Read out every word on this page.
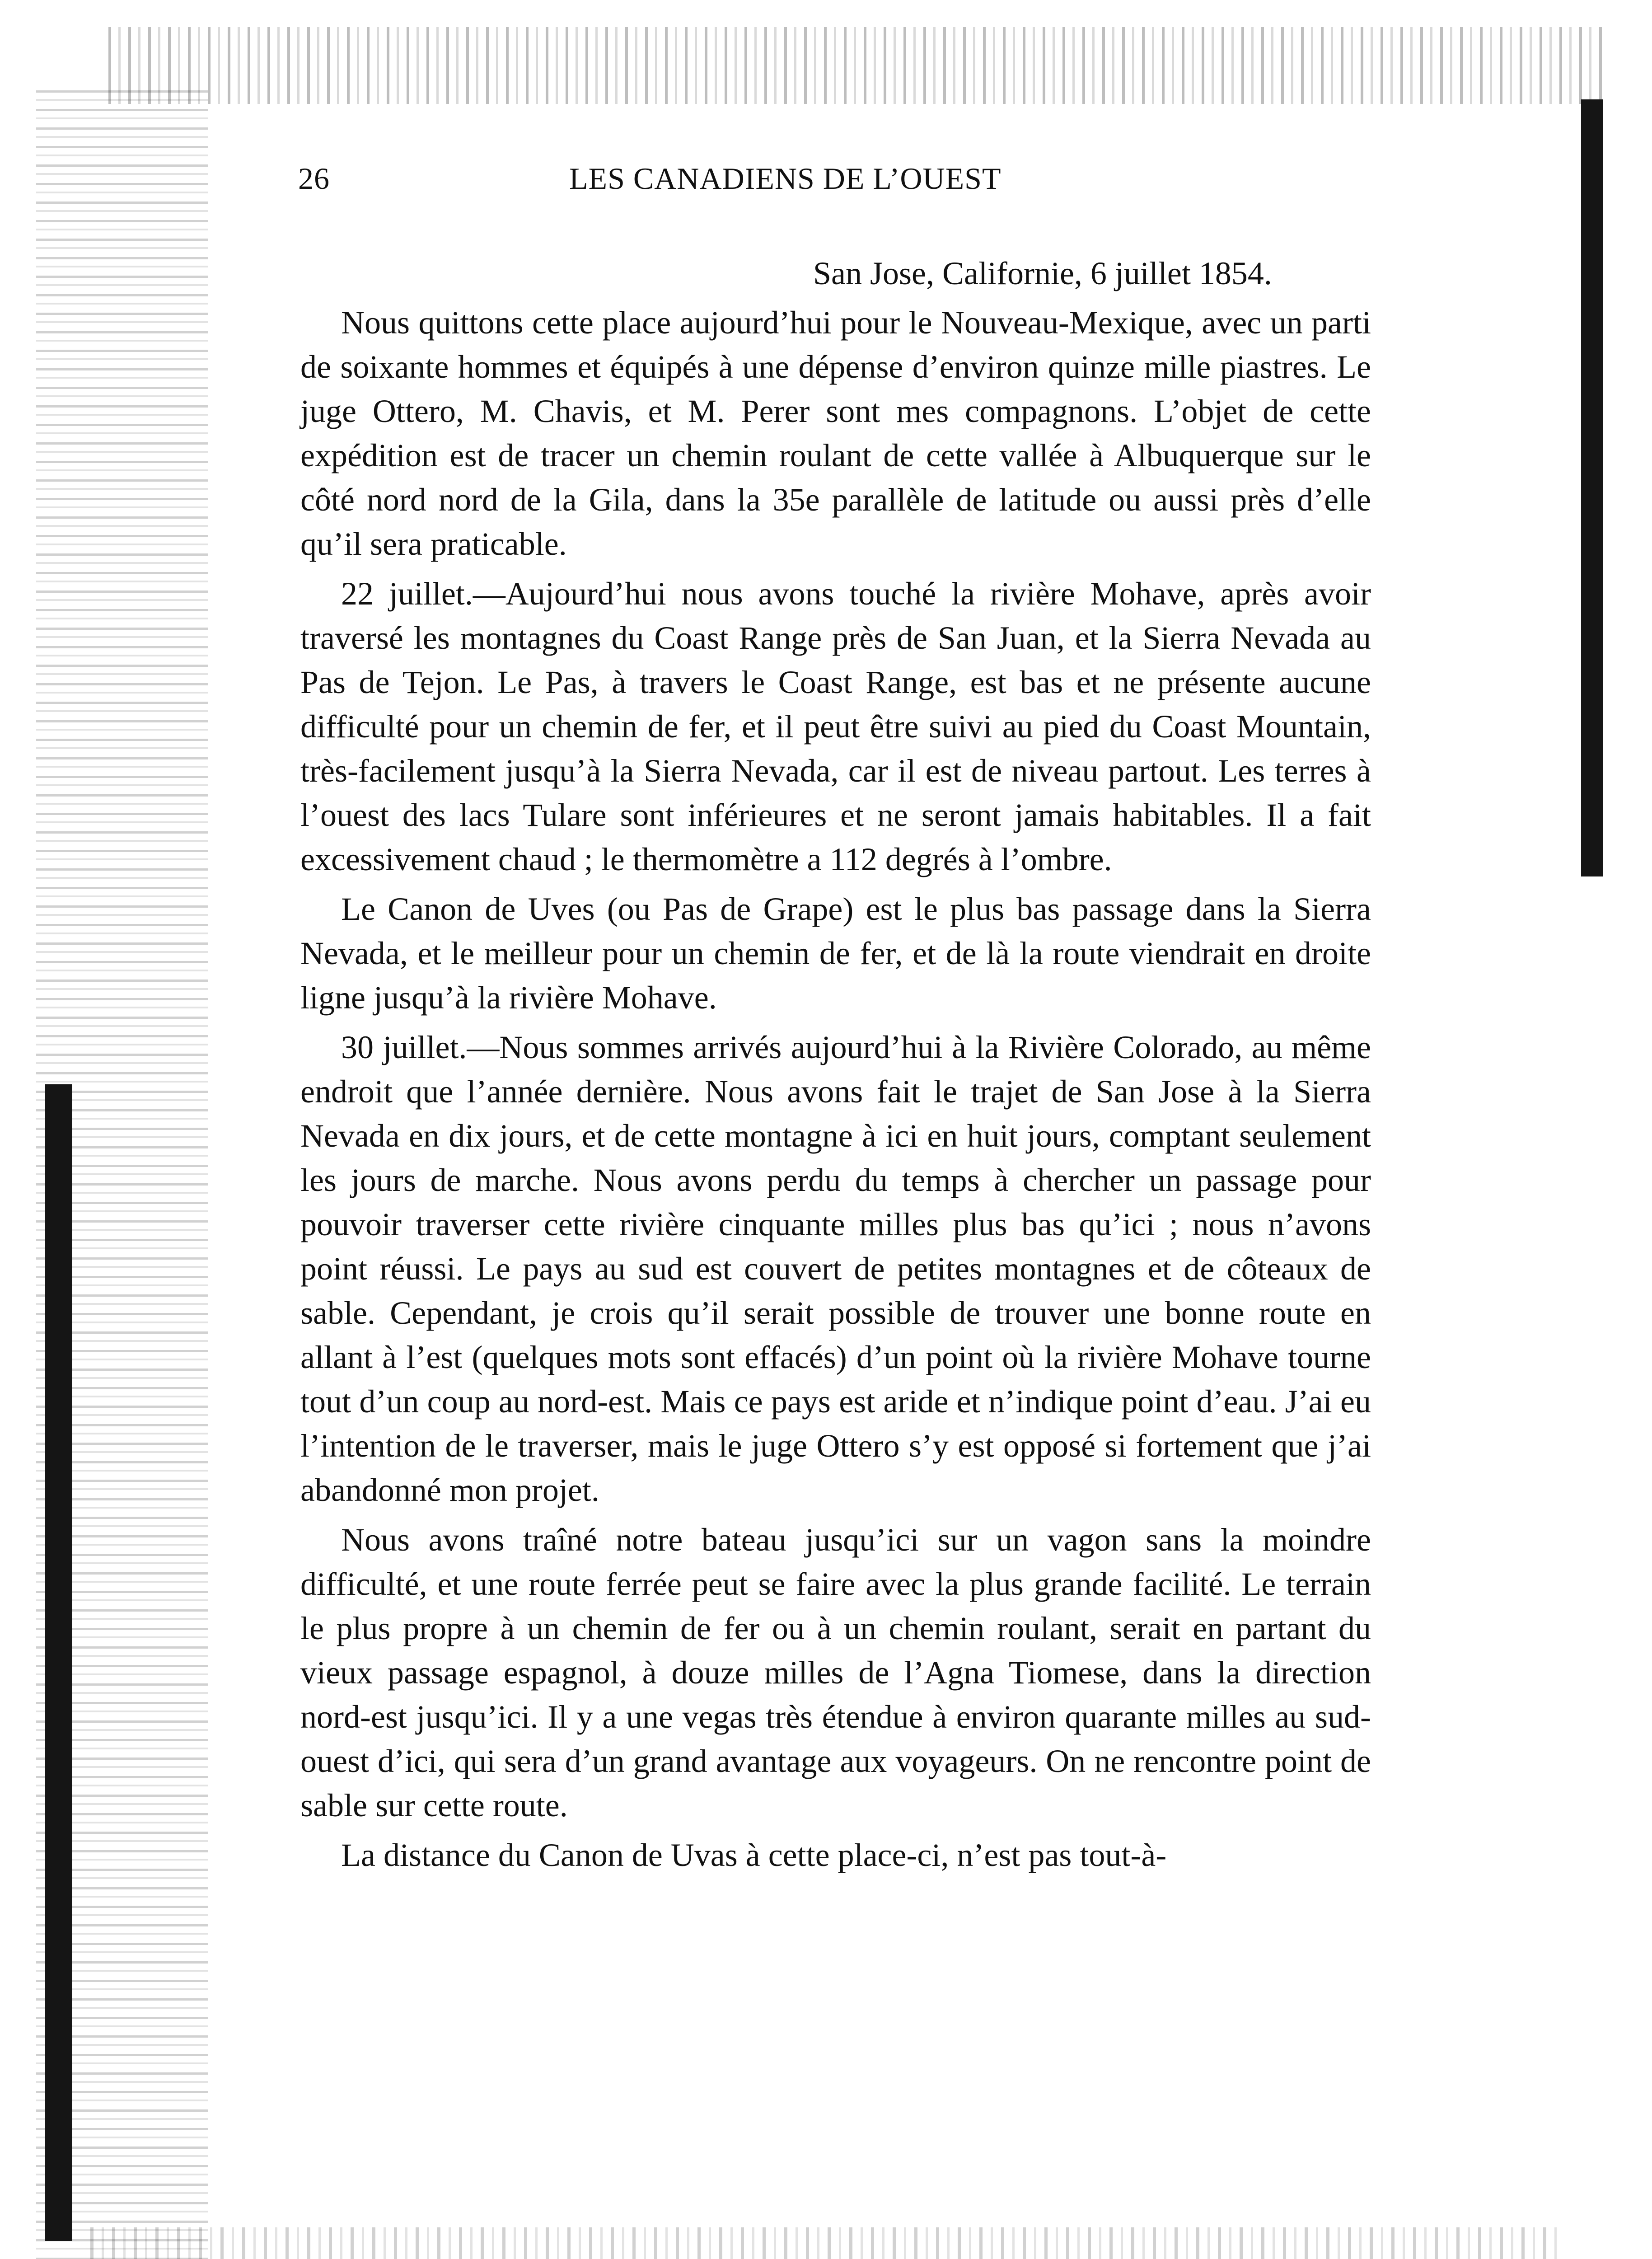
26	LES CANADIENS DE L’OUEST
San Jose, Californie, 6 juillet 1854.

Nous quittons cette place aujourd’hui pour le Nouveau-Mexique, avec un parti de soixante hommes et équipés à une dépense d’environ quinze mille piastres. Le juge Ottero, M. Chavis, et M. Perer sont mes compagnons. L’objet de cette expédition est de tracer un chemin roulant de cette vallée à Albuquerque sur le côté nord nord de la Gila, dans la 35e parallèle de latitude ou aussi près d’elle qu’il sera praticable.

22 juillet.—Aujourd’hui nous avons touché la rivière Mohave, après avoir traversé les montagnes du Coast Range près de San Juan, et la Sierra Nevada au Pas de Tejon. Le Pas, à travers le Coast Range, est bas et ne présente aucune difficulté pour un chemin de fer, et il peut être suivi au pied du Coast Mountain, très-facilement jusqu’à la Sierra Nevada, car il est de niveau partout. Les terres à l’ouest des lacs Tulare sont inférieures et ne seront jamais habitables. Il a fait excessivement chaud ; le thermomètre a 112 degrés à l’ombre.

Le Canon de Uves (ou Pas de Grape) est le plus bas passage dans la Sierra Nevada, et le meilleur pour un chemin de fer, et de là la route viendrait en droite ligne jusqu’à la rivière Mohave.

30 juillet.—Nous sommes arrivés aujourd’hui à la Rivière Colorado, au même endroit que l’année dernière. Nous avons fait le trajet de San Jose à la Sierra Nevada en dix jours, et de cette montagne à ici en huit jours, comptant seulement les jours de marche. Nous avons perdu du temps à chercher un passage pour pouvoir traverser cette rivière cinquante milles plus bas qu’ici ; nous n’avons point réussi. Le pays au sud est couvert de petites montagnes et de côteaux de sable. Cependant, je crois qu’il serait possible de trouver une bonne route en allant à l’est (quelques mots sont effacés) d’un point où la rivière Mohave tourne tout d’un coup au nord-est. Mais ce pays est aride et n’indique point d’eau. J’ai eu l’intention de le traverser, mais le juge Ottero s’y est opposé si fortement que j’ai abandonné mon projet.

Nous avons traîné notre bateau jusqu’ici sur un vagon sans la moindre difficulté, et une route ferrée peut se faire avec la plus grande facilité. Le terrain le plus propre à un chemin de fer ou à un chemin roulant, serait en partant du vieux passage espagnol, à douze milles de l’Agna Tiomese, dans la direction nord-est jusqu’ici. Il y a une vegas très étendue à environ quarante milles au sud-ouest d’ici, qui sera d’un grand avantage aux voyageurs. On ne rencontre point de sable sur cette route.

La distance du Canon de Uvas à cette place-ci, n’est pas tout-à-
